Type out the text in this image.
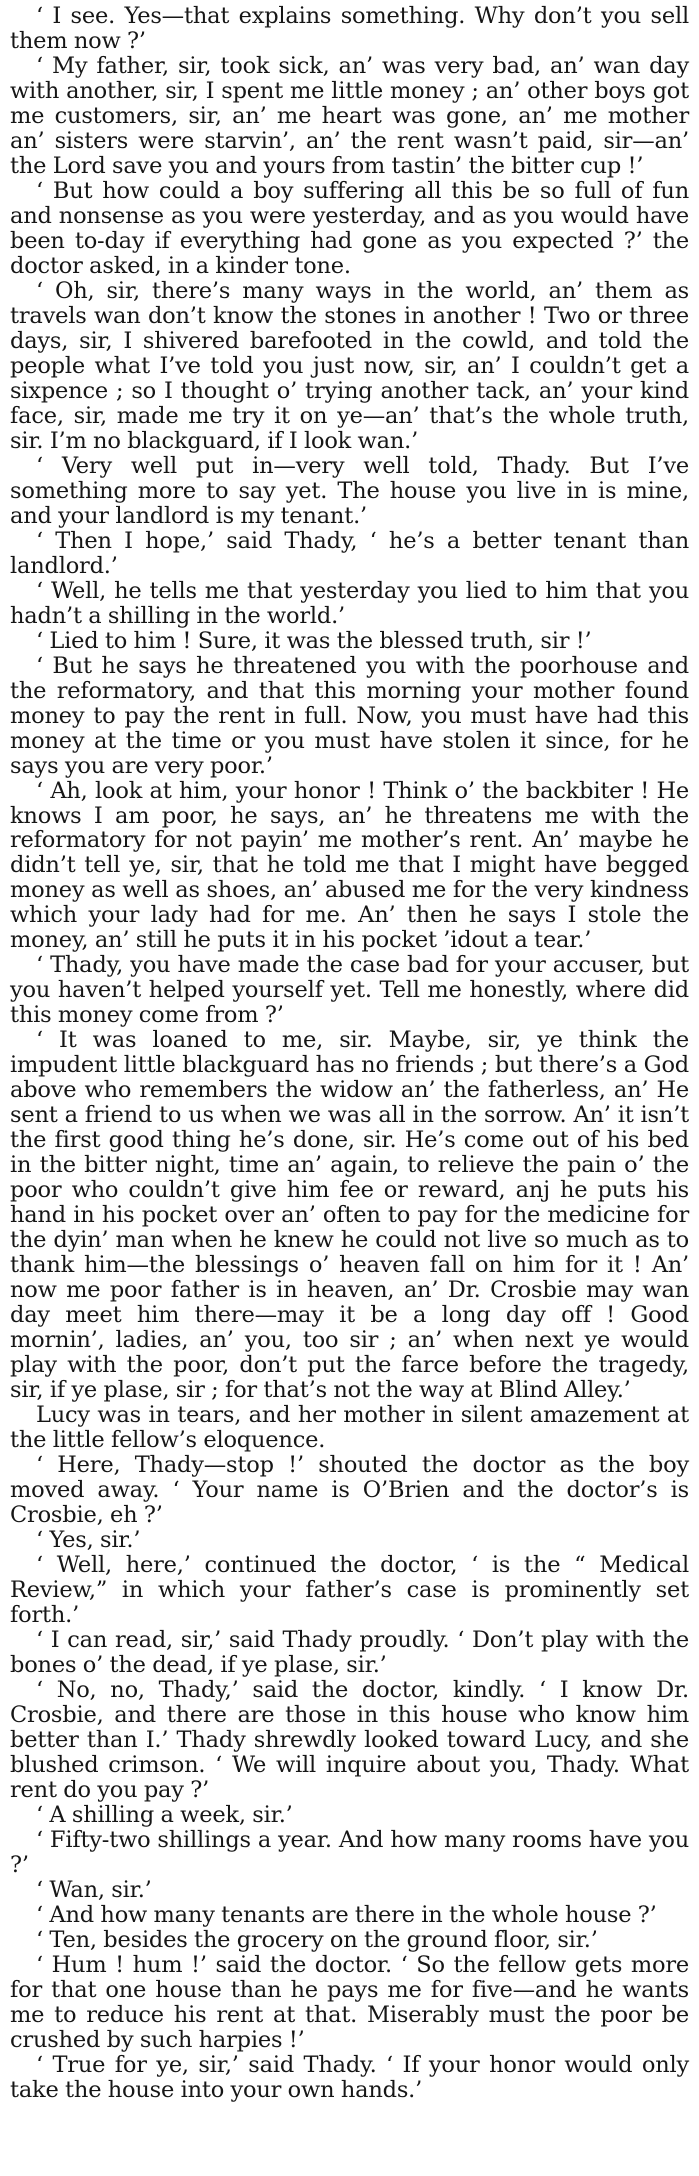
‘ I see. Yes—that explains something. Why don’t you sell them now ?’

‘ My father, sir, took sick, an’ was very bad, an’ wan day with another, sir, I spent me little money ; an’ other boys got me customers, sir, an’ me heart was gone, an’ me mother an’ sisters were starvin’, an’ the rent wasn’t paid, sir—an’ the Lord save you and yours from tastin’ the bitter cup !’

‘ But how could a boy suffering all this be so full of fun and nonsense as you were yesterday, and as you would have been to-day if everything had gone as you expected ?’ the doctor asked, in a kinder tone.

‘ Oh, sir, there’s many ways in the world, an’ them as travels wan don’t know the stones in another ! Two or three days, sir, I shivered barefooted in the cowld, and told the people what I’ve told you just now, sir, an’ I couldn’t get a sixpence ; so I thought o’ trying another tack, an’ your kind face, sir, made me try it on ye—an’ that’s the whole truth, sir. I’m no blackguard, if I look wan.’

‘ Very well put in—very well told, Thady. But I’ve something more to say yet. The house you live in is mine, and your landlord is my tenant.’

‘ Then I hope,’ said Thady, ‘ he’s a better tenant than landlord.’

‘ Well, he tells me that yesterday you lied to him that you hadn’t a shilling in the world.’

‘ Lied to him ! Sure, it was the blessed truth, sir !’

‘ But he says he threatened you with the poorhouse and the reformatory, and that this morning your mother found money to pay the rent in full. Now, you must have had this money at the time or you must have stolen it since, for he says you are very poor.’

‘ Ah, look at him, your honor ! Think o’ the backbiter ! He knows I am poor, he says, an’ he threatens me with the reformatory for not payin’ me mother’s rent. An’ maybe he didn’t tell ye, sir, that he told me that I might have begged money as well as shoes, an’ abused me for the very kindness which your lady had for me. An’ then he says I stole the money, an’ still he puts it in his pocket ’idout a tear.’

‘ Thady, you have made the case bad for your accuser, but you haven’t helped yourself yet. Tell me honestly, where did this money come from ?’

‘ It was loaned to me, sir. Maybe, sir, ye think the impudent little blackguard has no friends ; but there’s a God above who remembers the widow an’ the fatherless, an’ He sent a friend to us when we was all in the sorrow. An’ it isn’t the first good thing he’s done, sir. He’s come out of his bed in the bitter night, time an’ again, to relieve the pain o’ the poor who couldn’t give him fee or reward, anj he puts his hand in his pocket over an’ often to pay for the medicine for the dyin’ man when he knew he could not live so much as to thank him—the blessings o’ heaven fall on him for it ! An’ now me poor father is in heaven, an’ Dr. Crosbie may wan day meet him there—may it be a long day off ! Good mornin’, ladies, an’ you, too sir ; an’ when next ye would play with the poor, don’t put the farce before the tragedy, sir, if ye plase, sir ; for that’s not the way at Blind Alley.’

Lucy was in tears, and her mother in silent amazement at the little fellow’s eloquence.

‘ Here, Thady—stop !’ shouted the doctor as the boy moved away. ‘ Your name is O’Brien and the doctor’s is Crosbie, eh ?’

‘ Yes, sir.’

‘ Well, here,’ continued the doctor, ‘ is the “ Medical Review,” in which your father’s case is prominently set forth.’

‘ I can read, sir,’ said Thady proudly. ‘ Don’t play with the bones o’ the dead, if ye plase, sir.’

‘ No, no, Thady,’ said the doctor, kindly. ‘ I know Dr. Crosbie, and there are those in this house who know him better than I.’ Thady shrewdly looked toward Lucy, and she blushed crimson. ‘ We will inquire about you, Thady. What rent do you pay ?’

‘ A shilling a week, sir.’

‘ Fifty-two shillings a year. And how many rooms have you ?’

‘ Wan, sir.’

‘ And how many tenants are there in the whole house ?’

‘ Ten, besides the grocery on the ground floor, sir.’

‘ Hum ! hum !’ said the doctor. ‘ So the fellow gets more for that one house than he pays me for five—and he wants me to reduce his rent at that. Miserably must the poor be crushed by such harpies !’

‘ True for ye, sir,’ said Thady. ‘ If your honor would only take the house into your own hands.’
